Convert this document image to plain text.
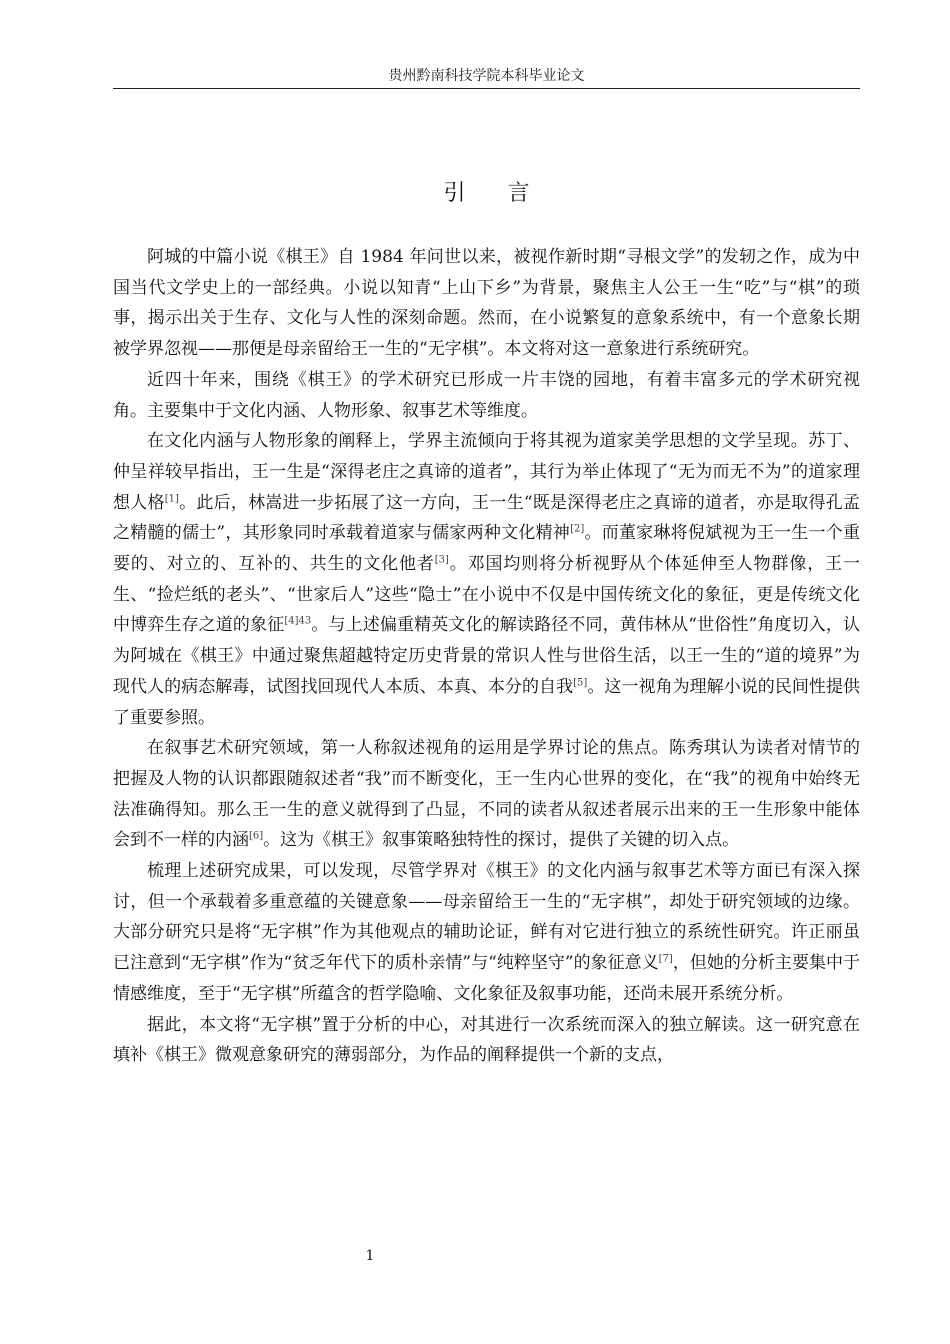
贵州黔南科技学院本科毕业论文
引言

阿城的中篇小说《棋王》自 1984 年问世以来，被视作新时期“寻根文学”的发轫之作，成为中国当代文学史上的一部经典。小说以知青“上山下乡”为背景，聚焦主人公王一生“吃”与“棋”的琐事，揭示出关于生存、文化与人性的深刻命题。然而，在小说繁复的意象系统中，有一个意象长期被学界忽视——那便是母亲留给王一生的“无字棋”。本文将对这一意象进行系统研究。

近四十年来，围绕《棋王》的学术研究已形成一片丰饶的园地，有着丰富多元的学术研究视角。主要集中于文化内涵、人物形象、叙事艺术等维度。

在文化内涵与人物形象的阐释上，学界主流倾向于将其视为道家美学思想的文学呈现。苏丁、仲呈祥较早指出，王一生是“深得老庄之真谛的道者”，其行为举止体现了“无为而无不为”的道家理想人格[1]。此后，林嵩进一步拓展了这一方向，王一生“既是深得老庄之真谛的道者，亦是取得孔孟之精髓的儒士”，其形象同时承载着道家与儒家两种文化精神[2]。而董家琳将倪斌视为王一生一个重要的、对立的、互补的、共生的文化他者[3]。邓国均则将分析视野从个体延伸至人物群像，王一生、“捡烂纸的老头”、“世家后人”这些“隐士”在小说中不仅是中国传统文化的象征，更是传统文化中博弈生存之道的象征$^{[4]43}$。与上述偏重精英文化的解读路径不同，黄伟林从“世俗性”角度切入，认为阿城在《棋王》中通过聚焦超越特定历史背景的常识人性与世俗生活，以王一生的“道的境界”为现代人的病态解毒，试图找回现代人本质、本真、本分的自我[5]。这一视角为理解小说的民间性提供了重要参照。

在叙事艺术研究领域，第一人称叙述视角的运用是学界讨论的焦点。陈秀琪认为读者对情节的把握及人物的认识都跟随叙述者“我”而不断变化，王一生内心世界的变化，在“我”的视角中始终无法准确得知。那么王一生的意义就得到了凸显，不同的读者从叙述者展示出来的王一生形象中能体会到不一样的内涵[6]。这为《棋王》叙事策略独特性的探讨，提供了关键的切入点。

梳理上述研究成果，可以发现，尽管学界对《棋王》的文化内涵与叙事艺术等方面已有深入探讨，但一个承载着多重意蕴的关键意象——母亲留给王一生的“无字棋”，却处于研究领域的边缘。大部分研究只是将“无字棋”作为其他观点的辅助论证，鲜有对它进行独立的系统性研究。许正丽虽已注意到“无字棋”作为“贫乏年代下的质朴亲情”与“纯粹坚守”的象征意义[7]，但她的分析主要集中于情感维度，至于“无字棋”所蕴含的哲学隐喻、文化象征及叙事功能，还尚未展开系统分析。

据此，本文将“无字棋”置于分析的中心，对其进行一次系统而深入的独立解读。这一研究意在填补《棋王》微观意象研究的薄弱部分，为作品的阐释提供一个新的支点，

1
